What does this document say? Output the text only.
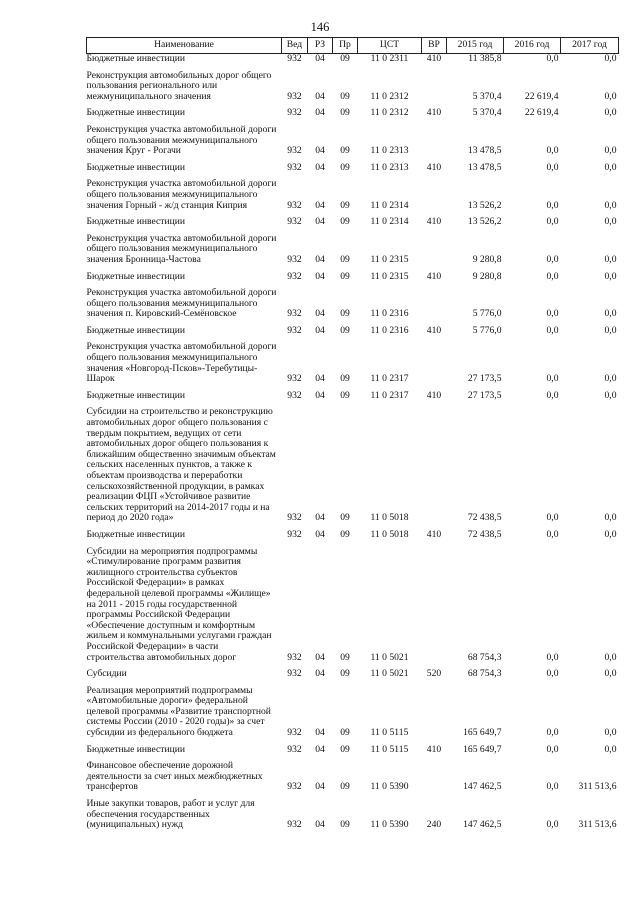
146
Наименование	Вед	РЗ	Пр	ЦСТ	ВР	2015 год	2016 год	2017 год
Бюджетные инвестиции	932	04	09	11 0 2311	410	11 385,8	0,0	0,0
Реконструкция автомобильных дорог общего пользования регионального или межмуниципального значения	932	04	09	11 0 2312		5 370,4	22 619,4	0,0
Бюджетные инвестиции	932	04	09	11 0 2312	410	5 370,4	22 619,4	0,0
Реконструкция участка автомобильной дороги общего пользования межмуниципального значения Круг - Рогачи	932	04	09	11 0 2313		13 478,5	0,0	0,0
Бюджетные инвестиции	932	04	09	11 0 2313	410	13 478,5	0,0	0,0
Реконструкция участка автомобильной дороги общего пользования межмуниципального значения Горный - ж/д станция Киприя	932	04	09	11 0 2314		13 526,2	0,0	0,0
Бюджетные инвестиции	932	04	09	11 0 2314	410	13 526,2	0,0	0,0
Реконструкция участка автомобильной дороги общего пользования межмуниципального значения Бронница-Частова	932	04	09	11 0 2315		9 280,8	0,0	0,0
Бюджетные инвестиции	932	04	09	11 0 2315	410	9 280,8	0,0	0,0
Реконструкция участка автомобильной дороги общего пользования межмуниципального значения п. Кировский-Семёновское	932	04	09	11 0 2316		5 776,0	0,0	0,0
Бюджетные инвестиции	932	04	09	11 0 2316	410	5 776,0	0,0	0,0
Реконструкция участка автомобильной дороги общего пользования межмуниципального значения «Новгород-Псков»-Теребутицы-Шарок	932	04	09	11 0 2317		27 173,5	0,0	0,0
Бюджетные инвестиции	932	04	09	11 0 2317	410	27 173,5	0,0	0,0
Субсидии на строительство и реконструкцию автомобильных дорог общего пользования с твердым покрытием, ведущих от сети автомобильных дорог общего пользования к ближайшим общественно значимым объектам сельских населенных пунктов, а также к объектам производства и переработки сельскохозяйственной продукции, в рамках реализации ФЦП «Устойчивое развитие сельских территорий на 2014-2017 годы и на период до 2020 года»	932	04	09	11 0 5018		72 438,5	0,0	0,0
Бюджетные инвестиции	932	04	09	11 0 5018	410	72 438,5	0,0	0,0
Субсидии на мероприятия подпрограммы «Стимулирование программ развития жилищного строительства субъектов Российской Федерации» в рамках федеральной целевой программы «Жилище» на 2011 - 2015 годы государственной программы Российской Федерации «Обеспечение доступным и комфортным жильем и коммунальными услугами граждан Российской Федерации» в части строительства автомобильных дорог	932	04	09	11 0 5021		68 754,3	0,0	0,0
Субсидии	932	04	09	11 0 5021	520	68 754,3	0,0	0,0
Реализация мероприятий подпрограммы «Автомобильные дороги» федеральной целевой программы «Развитие транспортной системы России (2010 - 2020 годы)» за счет субсидии из федерального бюджета	932	04	09	11 0 5115		165 649,7	0,0	0,0
Бюджетные инвестиции	932	04	09	11 0 5115	410	165 649,7	0,0	0,0
Финансовое обеспечение дорожной деятельности за счет иных межбюджетных трансфертов	932	04	09	11 0 5390		147 462,5	0,0	311 513,6
Иные закупки товаров, работ и услуг для обеспечения государственных (муниципальных) нужд	932	04	09	11 0 5390	240	147 462,5	0,0	311 513,6
